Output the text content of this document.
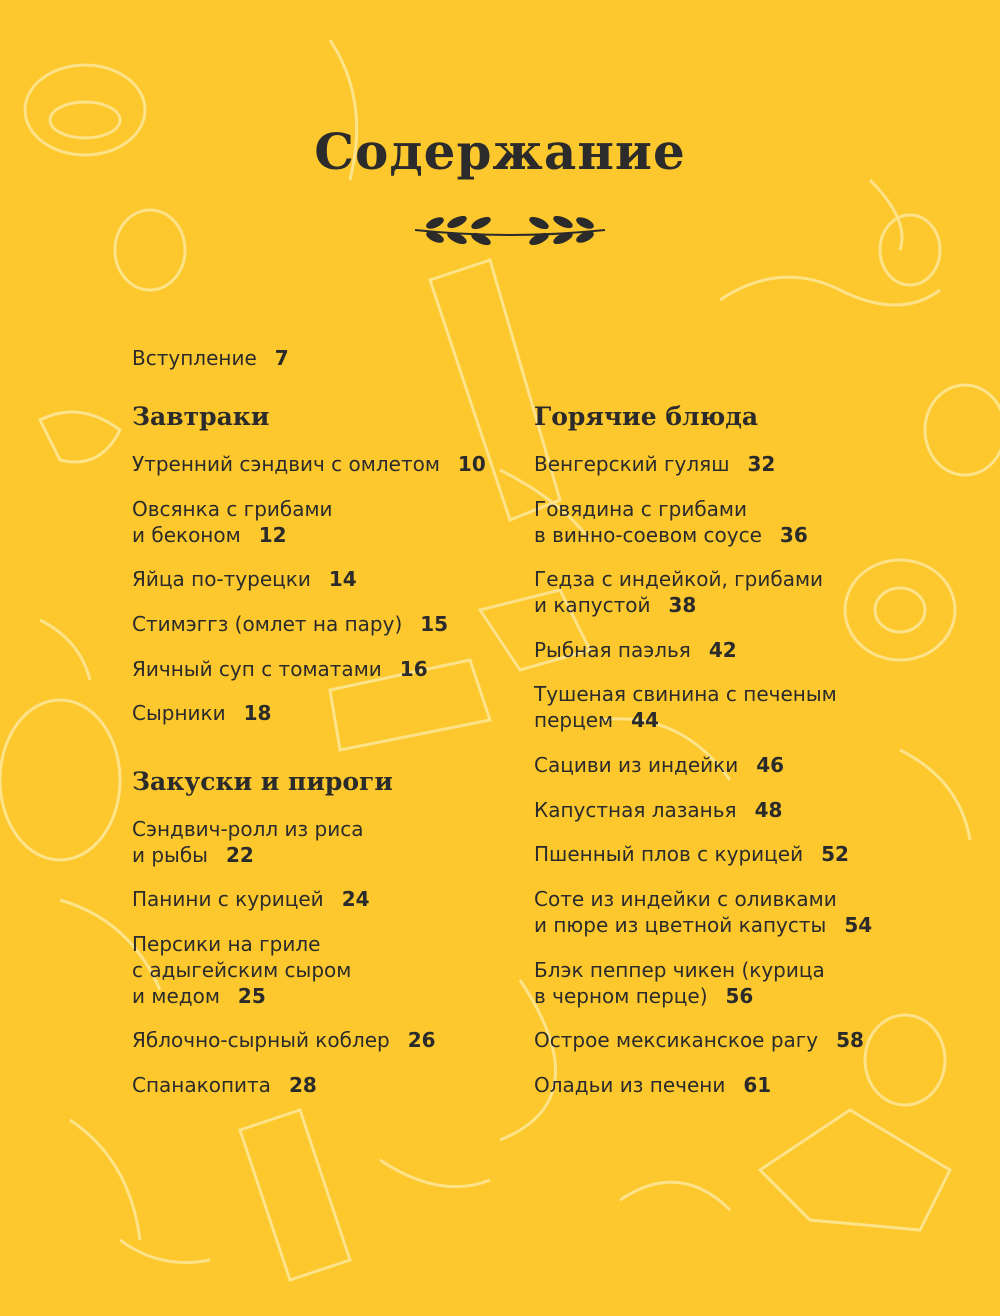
Содержание
Вступление 7
Завтраки
Утренний сэндвич с омлетом 10
Овсянка с грибами
и беконом 12
Яйца по-турецки 14
Стимэггз (омлет на пару) 15
Яичный суп с томатами 16
Сырники 18
Закуски и пироги
Сэндвич-ролл из риса
и рыбы 22
Панини с курицей 24
Персики на гриле
с адыгейским сыром
и медом 25
Яблочно-сырный коблер 26
Спанакопита 28
Горячие блюда
Венгерский гуляш 32
Говядина с грибами
в винно-соевом соусе 36
Гедза с индейкой, грибами
и капустой 38
Рыбная паэлья 42
Тушеная свинина с печеным
перцем 44
Сациви из индейки 46
Капустная лазанья 48
Пшенный плов с курицей 52
Соте из индейки с оливками
и пюре из цветной капусты 54
Блэк пеппер чикен (курица
в черном перце) 56
Острое мексиканское рагу 58
Оладьи из печени 61
